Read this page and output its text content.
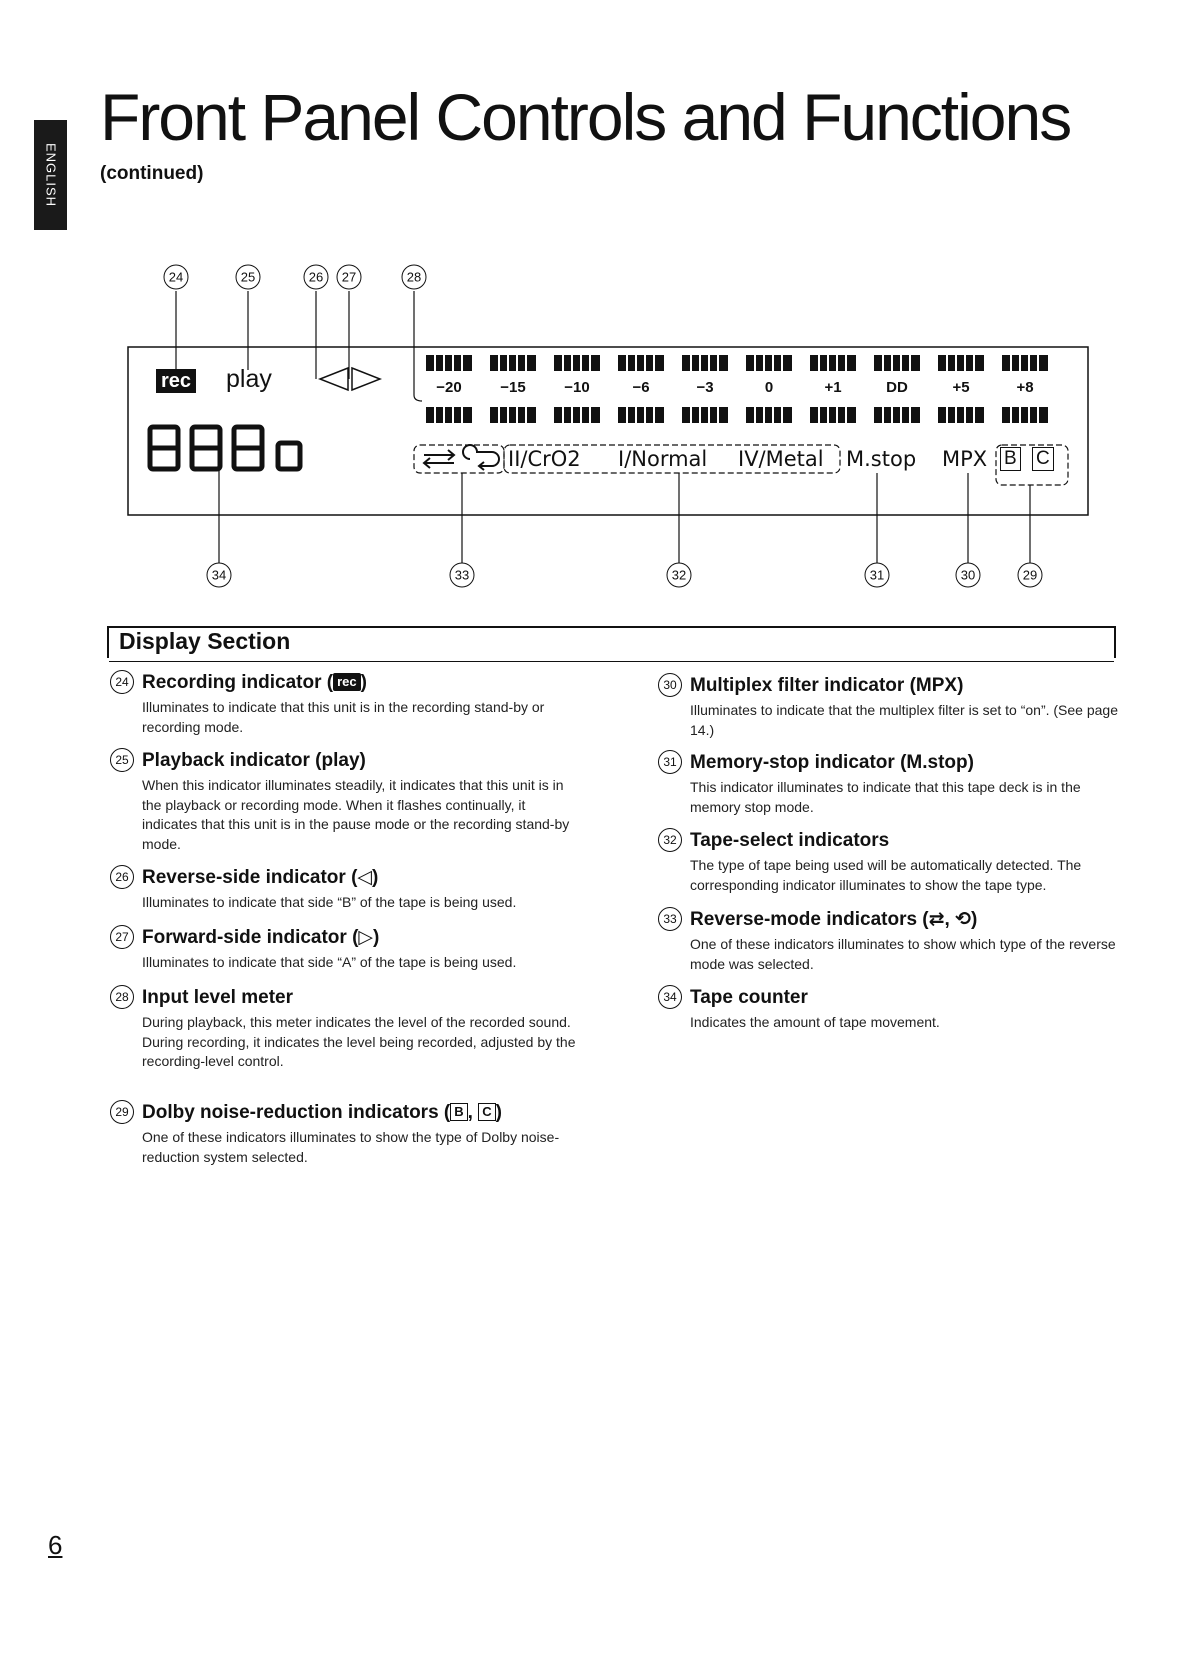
ENGLISH
Front Panel Controls and Functions
(continued)
24	25	26	27	28
rec play	−20	−15	−10	−6	−3	0	+1	DD	+5	+8
II/CrO2 I/Normal IV/Metal M.stop MPX B C
34	33	32	31	30	29
Display Section
24 Recording indicator ( rec )

Illuminates to indicate that this unit is in the recording stand-by or recording mode.

25 Playback indicator (play)

When this indicator illuminates steadily, it indicates that this unit is in the playback or recording mode. When it flashes continually, it indicates that this unit is in the pause mode or the recording stand-by mode.

26 Reverse-side indicator (◁)

Illuminates to indicate that side “B” of the tape is being used.

27 Forward-side indicator (▷)

Illuminates to indicate that side “A” of the tape is being used.

28 Input level meter

During playback, this meter indicates the level of the recorded sound.

During recording, it indicates the level being recorded, adjusted by the recording-level control.

29 Dolby noise-reduction indicators ( B , C )

One of these indicators illuminates to show the type of Dolby noise-reduction system selected.

30 Multiplex filter indicator (MPX)

Illuminates to indicate that the multiplex filter is set to “on”. (See page 14.)

31 Memory-stop indicator (M.stop)

This indicator illuminates to indicate that this tape deck is in the memory stop mode.

32 Tape-select indicators

The type of tape being used will be automatically detected. The corresponding indicator illuminates to show the tape type.

33 Reverse-mode indicators (⇄, ⟲)

One of these indicators illuminates to show which type of the reverse mode was selected.

34 Tape counter

Indicates the amount of tape movement.

6
